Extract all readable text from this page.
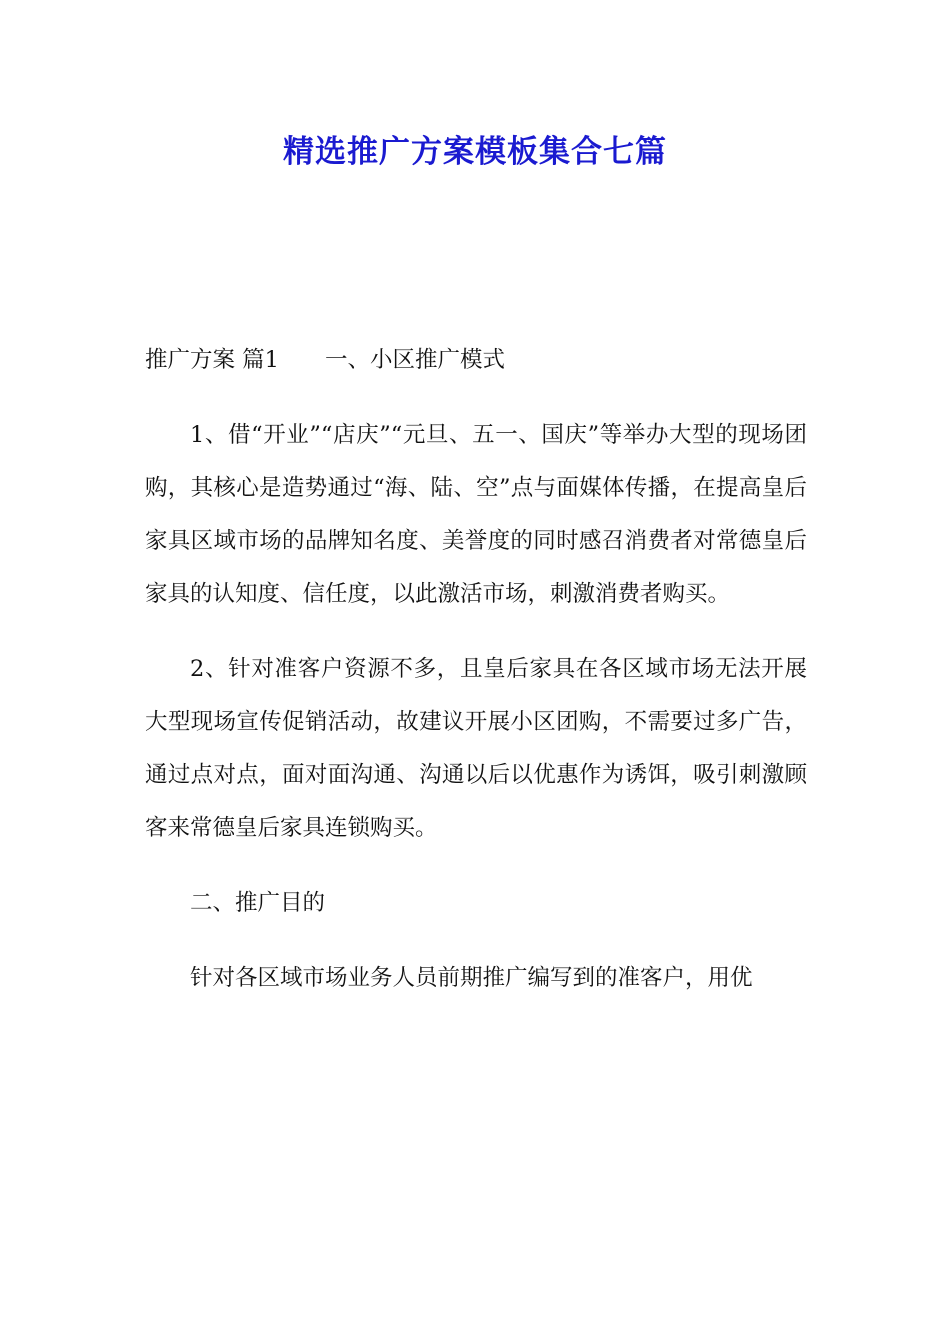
精选推广方案模板集合七篇

推广方案 篇1 一、小区推广模式

1、借“开业”“店庆”“元旦、五一、国庆”等举办大型的现场团购，其核心是造势通过“海、陆、空”点与面媒体传播，在提高皇后家具区域市场的品牌知名度、美誉度的同时感召消费者对常德皇后家具的认知度、信任度，以此激活市场，刺激消费者购买。

2、针对准客户资源不多，且皇后家具在各区域市场无法开展大型现场宣传促销活动，故建议开展小区团购，不需要过多广告，通过点对点，面对面沟通、沟通以后以优惠作为诱饵，吸引刺激顾客来常德皇后家具连锁购买。

二、推广目的

针对各区域市场业务人员前期推广编写到的准客户，用优
